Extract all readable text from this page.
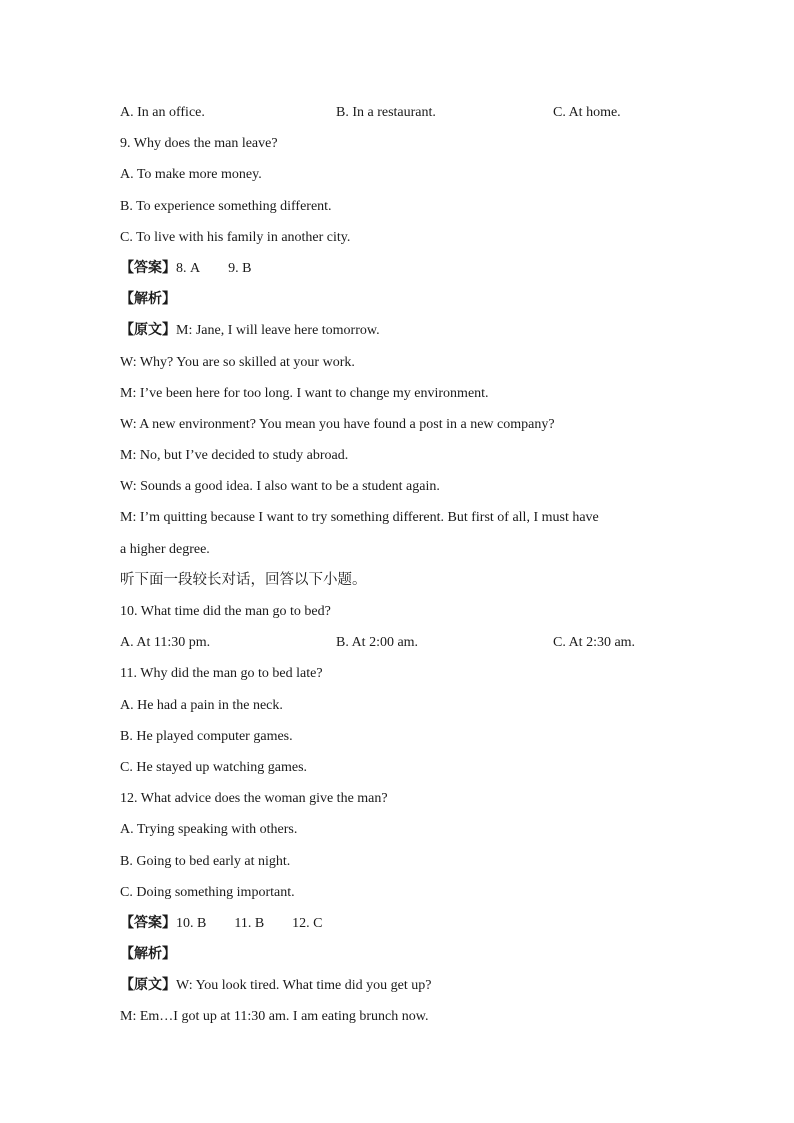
A. In an office.	B. In a restaurant.	C. At home.
9. Why does the man leave?
A. To make more money.
B. To experience something different.
C. To live with his family in another city.
【答案】8. A 9. B
【解析】
【原文】M: Jane, I will leave here tomorrow.
W: Why? You are so skilled at your work.
M: I’ve been here for too long. I want to change my environment.
W: A new environment? You mean you have found a post in a new company?
M: No, but I’ve decided to study abroad.
W: Sounds a good idea. I also want to be a student again.
M: I’m quitting because I want to try something different. But first of all, I must have
a higher degree.
听下面一段较长对话，回答以下小题。
10. What time did the man go to bed?
A. At 11:30 pm.	B. At 2:00 am.	C. At 2:30 am.
11. Why did the man go to bed late?
A. He had a pain in the neck.
B. He played computer games.
C. He stayed up watching games.
12. What advice does the woman give the man?
A. Trying speaking with others.
B. Going to bed early at night.
C. Doing something important.
【答案】10. B 11. B 12. C
【解析】
【原文】W: You look tired. What time did you get up?
M: Em…I got up at 11:30 am. I am eating brunch now.
